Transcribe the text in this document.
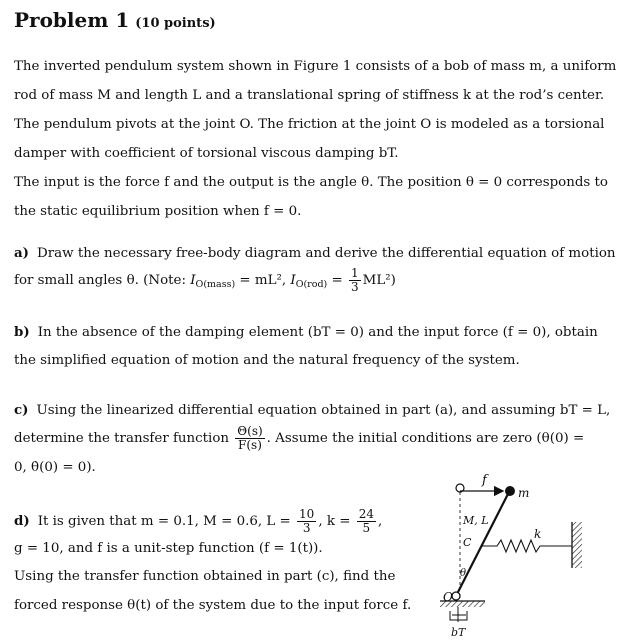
Problem 1 (10 points)
The inverted pendulum system shown in Figure 1 consists of a bob of mass m, a uniform
rod of mass M and length L and a translational spring of stiffness k at the rod’s center.
The pendulum pivots at the joint O. The friction at the joint O is modeled as a torsional
damper with coefficient of torsional viscous damping bT.
The input is the force f and the output is the angle θ. The position θ = 0 corresponds to
the static equilibrium position when f = 0.
a) Draw the necessary free-body diagram and derive the differential equation of motion
for small angles θ. (Note: $I_{O(mass)} = mL^2$, $I_{O(rod)} = \frac{1}{3} ML^2$)
b) In the absence of the damping element (bT = 0) and the input force (f = 0), obtain
the simplified equation of motion and the natural frequency of the system.
c) Using the linearized differential equation obtained in part (a), and assuming bT = L,
determine the transfer function $\frac{\Theta(s)}{F(s)}$ . Assume the initial conditions are zero (θ(0) =
0, θ̇(0) = 0).
d) It is given that m = 0.1, M = 0.6, $L = \frac{10}{3}$ , $k = \frac{24}{5}$ ,
g = 10, and f is a unit-step function (f = 1(t)).
Using the transfer function obtained in part (c), find the
forced response θ(t) of the system due to the input force f.
O
f
m
M, L
C
k
θ
bT
